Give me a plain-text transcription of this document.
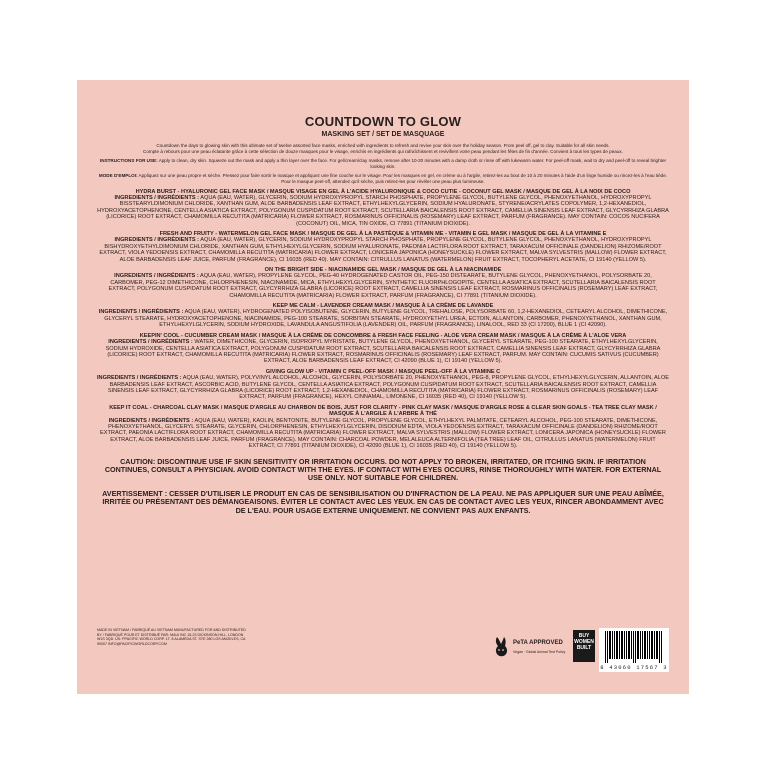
COUNTDOWN TO GLOW
MASKING SET / SET DE MASQUAGE

Countdown the days to glowing skin with this ultimate set of twelve assorted face masks, enriched with ingredients to refresh and revive your skin over the holiday season. From peel off, gel to clay. Suitable for all skin needs.

Compte à rebours pour une peau éclatante grâce à cette sélection de douze masques pour le visage, enrichis en ingrédients qui rafraîchissent et revivifient votre peau pendant les fêtes de fin d'année. Convient à tous les types de peaux.

INSTRUCTIONS FOR USE: Apply to clean, dry skin. Squeeze out the mask and apply a thin layer over the face. For gel/cream/clay masks, remove after 10-20 minutes with a damp cloth or rinse off with lukewarm water. For peel-off mask, wait to dry and peel-off to reveal brighter looking skin.

MODE D'EMPLOI: Appliquez sur une peau propre et sèche. Pressez pour faire sortir le masque et appliquez une fine couche sur le visage. Pour les masques en gel, en crème ou à l'argile, retirez-les au bout de 10 à 20 minutes à l'aide d'un linge humide ou rincez-les à l'eau tiède. Pour le masque peel-off, attendez qu'il sèche, puis retirez-les pour révéler une peau plus lumineuse.

HYDRA BURST - HYALURONIC GEL FACE MASK / MASQUE VISAGE EN GEL À L'ACIDE HYALURONIQUE & COCO CUTIE - COCONUT GEL MASK / MASQUE DE GEL À LA NOIX DE COCO
INGREDIENTS / INGRÉDIENTS : AQUA (EAU, WATER), GLYCERIN, SODIUM HYDROXYPROPYL STARCH PHOSPHATE, PROPYLENE GLYCOL, BUTYLENE GLYCOL, PHENOXYETHANOL, HYDROXYPROPYL BISSTEARYLDIMONIUM CHLORIDE, XANTHAN GUM, ALOE BARBADENSIS LEAF EXTRACT, ETHYLHEXYLGLYCERIN, SODIUM HYALURONATE, STYRENE/ACRYLATES COPOLYMER, 1,2-HEXANEDIOL, HYDROXYACETOPHENONE, CENTELLA ASIATICA EXTRACT, POLYGONUM CUSPIDATUM ROOT EXTRACT, SCUTELLARIA BAICALENSIS ROOT EXTRACT, CAMELLIA SINENSIS LEAF EXTRACT, GLYCYRRHIZA GLABRA (LICORICE) ROOT EXTRACT, CHAMOMILLA RECUTITA (MATRICARIA) FLOWER EXTRACT, ROSMARINUS OFFICINALIS (ROSEMARY) LEAF EXTRACT, PARFUM (FRAGRANCE). MAY CONTAIN: COCOS NUCIFERA (COCONUT) OIL, MICA, TIN OXIDE, CI 77891 (TITANIUM DIOXIDE).
FRESH AND FRUITY - WATERMELON GEL FACE MASK / MASQUE DE GEL À LA PASTÈQUE & VITAMIN ME - VITAMIN E GEL MASK / MASQUE DE GEL À LA VITAMINE E
INGREDIENTS / INGRÉDIENTS : AQUA (EAU, WATER), GLYCERIN, SODIUM HYDROXYPROPYL STARCH PHOSPHATE, PROPYLENE GLYCOL, BUTYLENE GLYCOL, PHENOXYETHANOL, HYDROXYPROPYL BISHYDROXYETHYLDIMONIUM CHLORIDE, XANTHAN GUM, ETHYLHEXYLGLYCERIN, SODIUM HYALURONATE, PAEONIA LACTIFLORA ROOT EXTRACT, TARAXACUM OFFICINALE (DANDELION) RHIZOME/ROOT EXTRACT, VIOLA YEDOENSIS EXTRACT, CHAMOMILLA RECUTITA (MATRICARIA) FLOWER EXTRACT, LONICERA JAPONICA (HONEYSUCKLE) FLOWER EXTRACT, MALVA SYLVESTRIS (MALLOW) FLOWER EXTRACT, ALOE BARBADENSIS LEAF JUICE, PARFUM (FRAGRANCE), CI 16035 (RED 40). MAY CONTAIN: CITRULLUS LANATUS (WATERMELON) FRUIT EXTRACT, TOCOPHERYL ACETATE, CI 19140 (YELLOW 5).
ON THE BRIGHT SIDE - NIACINAMIDE GEL MASK / MASQUE DE GEL À LA NIACINAMIDE
INGREDIENTS / INGRÉDIENTS : AQUA (EAU, WATER), PROPYLENE GLYCOL, PEG-40 HYDROGENATED CASTOR OIL, PEG-150 DISTEARATE, BUTYLENE GLYCOL, PHENOXYETHANOL, POLYSORBATE 20, CARBOMER, PEG-12 DIMETHICONE, CHLORPHENESIN, NIACINAMIDE, MICA, ETHYLHEXYLGLYCERIN, SYNTHETIC FLUORPHLOGOPITE, CENTELLA ASIATICA EXTRACT, SCUTELLARIA BAICALENSIS ROOT EXTRACT, POLYGONUM CUSPIDATUM ROOT EXTRACT, GLYCYRRHIZA GLABRA (LICORICE) ROOT EXTRACT, CAMELLIA SINENSIS LEAF EXTRACT, ROSMARINUS OFFICINALIS (ROSEMARY) LEAF EXTRACT, CHAMOMILLA RECUTITA (MATRICARIA) FLOWER EXTRACT, PARFUM (FRAGRANCE), CI 77891 (TITANIUM DIOXIDE).
KEEP ME CALM - LAVENDER CREAM MASK / MASQUE À LA CRÈME DE LAVANDE
INGREDIENTS / INGRÉDIENTS : AQUA (EAU, WATER), HYDROGENATED POLYISOBUTENE, GLYCERIN, BUTYLENE GLYCOL, TREHALOSE, POLYSORBATE 60, 1,2-HEXANEDIOL, CETEARYL ALCOHOL, DIMETHICONE, GLYCERYL STEARATE, HYDROXYACETOPHENONE, NIACINAMIDE, PEG-100 STEARATE, SORBITAN STEARATE, HYDROXYETHYL UREA, ECTOIN, ALLANTOIN, CARBOMER, PHENOXYETHANOL, XANTHAN GUM, ETHYLHEXYLGLYCERIN, SODIUM HYDROXIDE, LAVANDULA ANGUSTIFOLIA (LAVENDER) OIL, PARFUM (FRAGRANCE), LINALOOL, RED 33 (CI 17200), BLUE 1 (CI 42090).
KEEPIN' COOL - CUCUMBER CREAM MASK / MASQUE À LA CRÈME DE CONCOMBRE & FRESH FACE FEELING - ALOE VERA CREAM MASK / MASQUE À LA CRÈME À L'ALOE VERA
INGREDIENTS / INGRÉDIENTS : WATER, DIMETHICONE, GLYCERIN, ISOPROPYL MYRISTATE, BUTYLENE GLYCOL, PHENOXYETHANOL, GLYCERYL STEARATE, PEG-100 STEARATE, ETHYLHEXYLGLYCERIN, SODIUM HYDROXIDE, CENTELLA ASIATICA EXTRACT, POLYGONUM CUSPIDATUM ROOT EXTRACT, SCUTELLARIA BAICALENSIS ROOT EXTRACT, CAMELLIA SINENSIS LEAF EXTRACT, GLYCYRRHIZA GLABRA (LICORICE) ROOT EXTRACT, CHAMOMILLA RECUTITA (MATRICARIA) FLOWER EXTRACT, ROSMARINUS OFFICINALIS (ROSEMARY) LEAF EXTRACT, PARFUM. MAY CONTAIN: CUCUMIS SATIVUS (CUCUMBER) EXTRACT, ALOE BARBADENSIS LEAF EXTRACT, CI 42090 (BLUE 1), CI 19140 (YELLOW 5).
GIVING GLOW UP - VITAMIN C PEEL-OFF MASK / MASQUE PEEL-OFF À LA VITAMINE C
INGREDIENTS / INGRÉDIENTS : AQUA (EAU, WATER), POLYVINYL ALCOHOL, ALCOHOL, GLYCERIN, POLYSORBATE 20, PHENOXYETHANOL, PEG-8, PROPYLENE GLYCOL, ETHYLHEXYLGLYCERIN, ALLANTOIN, ALOE BARBADENSIS LEAF EXTRACT, ASCORBIC ACID, BUTYLENE GLYCOL, CENTELLA ASIATICA EXTRACT, POLYGONUM CUSPIDATUM ROOT EXTRACT, SCUTELLARIA BAICALENSIS ROOT EXTRACT, CAMELLIA SINENSIS LEAF EXTRACT, GLYCYRRHIZA GLABRA (LICORICE) ROOT EXTRACT, 1,2-HEXANEDIOL, CHAMOMILLA RECUTITA (MATRICARIA) FLOWER EXTRACT, ROSMARINUS OFFICINALIS (ROSEMARY) LEAF EXTRACT, PARFUM (FRAGRANCE), HEXYL CINNAMAL, LIMONENE, CI 16035 (RED 40), CI 19140 (YELLOW 5).
KEEP IT COAL - CHARCOAL CLAY MASK / MASQUE D'ARGILE AU CHARBON DE BOIS, JUST FOR CLARITY - PINK CLAY MASK / MASQUE D'ARGILE ROSE & CLEAR SKIN GOALS - TEA TREE CLAY MASK / MASQUE À L'ARGILE À L'ARBRE À THÉ
INGREDIENTS / INGRÉDIENTS : AQUA (EAU, WATER), KAOLIN, BENTONITE, BUTYLENE GLYCOL, PROPYLENE GLYCOL, ETHYLHEXYL PALMITATE, CETEARYL ALCOHOL, PEG-100 STEARATE, DIMETHICONE, PHENOXYETHANOL, GLYCERYL STEARATE, GLYCERIN, CHLORPHENESIN, ETHYLHEXYLGLYCERIN, DISODIUM EDTA, VIOLA YEDOENSIS EXTRACT, TARAXACUM OFFICINALE (DANDELION) RHIZOME/ROOT EXTRACT, PAEONIA LACTIFLORA ROOT EXTRACT, CHAMOMILLA RECUTITA (MATRICARIA) FLOWER EXTRACT, MALVA SYLVESTRIS (MALLOW) FLOWER EXTRACT, LONICERA JAPONICA (HONEYSUCKLE) FLOWER EXTRACT, ALOE BARBADENSIS LEAF JUICE, PARFUM (FRAGRANCE). MAY CONTAIN: CHARCOAL POWDER, MELALEUCA ALTERNIFOLIA (TEA TREE) LEAF OIL, CITRULLUS LANATUS (WATERMELON) FRUIT EXTRACT, CI 77891 (TITANIUM DIOXIDE), CI 42090 (BLUE 1), CI 16035 (RED 40), CI 19140 (YELLOW 5).
CAUTION: DISCONTINUE USE IF SKIN SENSITIVITY OR IRRITATION OCCURS. DO NOT APPLY TO BROKEN, IRRITATED, OR ITCHING SKIN. IF IRRITATION CONTINUES, CONSULT A PHYSICIAN. AVOID CONTACT WITH THE EYES. IF CONTACT WITH EYES OCCURS, RINSE THOROUGHLY WITH WATER. FOR EXTERNAL USE ONLY. NOT SUITABLE FOR CHILDREN.
AVERTISSEMENT : CESSER D'UTILISER LE PRODUIT EN CAS DE SENSIBILISATION OU D'INFRACTION DE LA PEAU. NE PAS APPLIQUER SUR UNE PEAU ABÎMÉE, IRRITÉE OU PRÉSENTANT DES DÉMANGEAISONS. ÉVITER LE CONTACT AVEC LES YEUX. EN CAS DE CONTACT AVEC LES YEUX, RINCER ABONDAMMENT AVEC DE L'EAU. POUR USAGE EXTERNE UNIQUEMENT. NE CONVIENT PAS AUX ENFANTS.
MADE IN VIETNAM / FABRIQUÉ AU VIETNAM MANUFACTURED FOR AND DISTRIBUTED BY / FABRIQUÉ POUR ET DISTRIBUÉ PAR: MAUI INC 15-23 DICKINSON HILL, LONDON W1S 3QD. US: PPACIFIC WORLD CORP. 1T. 8 ALAMEDA ST. STE 280 LOS ANGELES, CA 90007 INFO@PACIFICWORLDCORP.COM	PeTA APPROVED
Vegan · Global Animal Test Policy
BUY WOMEN BUILT
8 43060 17567 3
